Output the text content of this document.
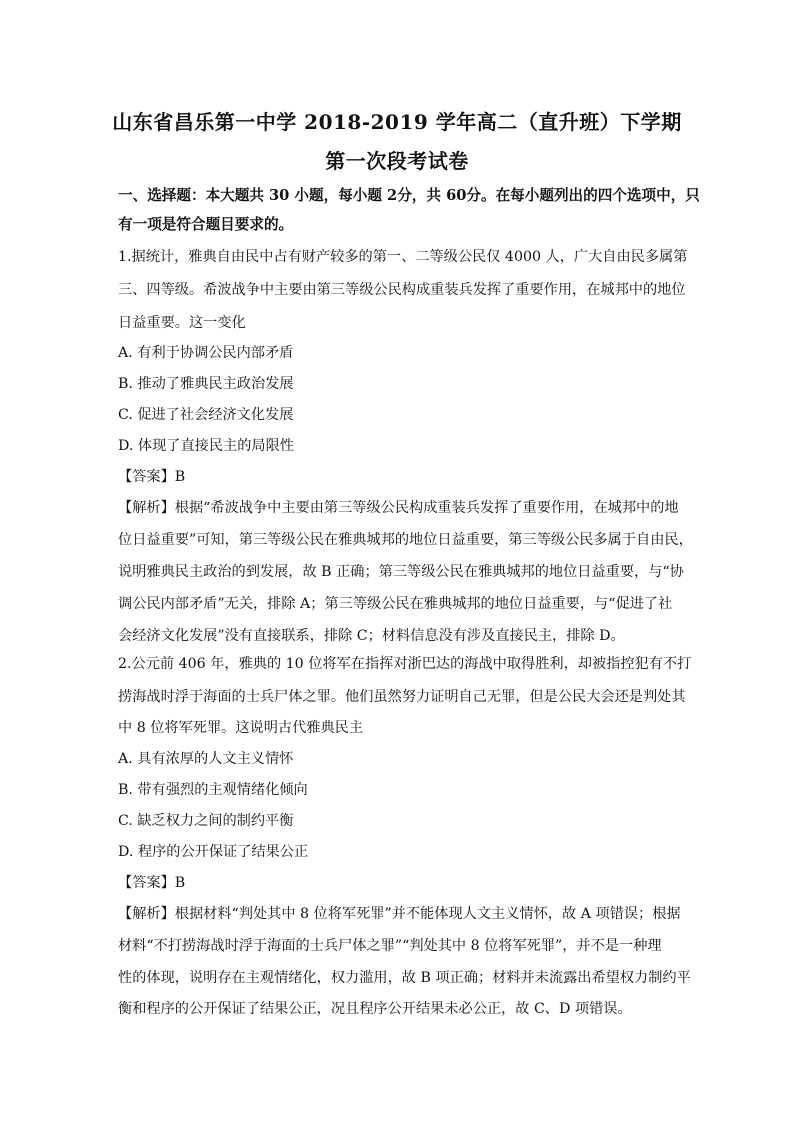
山东省昌乐第一中学 2018-2019 学年高二（直升班）下学期
第一次段考试卷
一、选择题：本大题共 30 小题，每小题 2分，共 60分。在每小题列出的四个选项中，只
有一项是符合题目要求的。
1.据统计，雅典自由民中占有财产较多的第一、二等级公民仅 4000 人，广大自由民多属第
三、四等级。希波战争中主要由第三等级公民构成重装兵发挥了重要作用，在城邦中的地位
日益重要。这一变化
A. 有利于协调公民内部矛盾
B. 推动了雅典民主政治发展
C. 促进了社会经济文化发展
D. 体现了直接民主的局限性
【答案】B
【解析】根据“希波战争中主要由第三等级公民构成重装兵发挥了重要作用，在城邦中的地
位日益重要”可知，第三等级公民在雅典城邦的地位日益重要，第三等级公民多属于自由民，
说明雅典民主政治的到发展，故 B 正确；第三等级公民在雅典城邦的地位日益重要，与“协
调公民内部矛盾”无关，排除 A；第三等级公民在雅典城邦的地位日益重要，与“促进了社
会经济文化发展”没有直接联系，排除 C；材料信息没有涉及直接民主，排除 D。
2.公元前 406 年，雅典的 10 位将军在指挥对浙巴达的海战中取得胜利，却被指控犯有不打
捞海战时浮于海面的士兵尸体之罪。他们虽然努力证明自己无罪，但是公民大会还是判处其
中 8 位将军死罪。这说明古代雅典民主
A. 具有浓厚的人文主义情怀
B. 带有强烈的主观情绪化倾向
C. 缺乏权力之间的制约平衡
D. 程序的公开保证了结果公正
【答案】B
【解析】根据材料“判处其中 8 位将军死罪”并不能体现人文主义情怀，故 A 项错误；根据
材料“不打捞海战时浮于海面的士兵尸体之罪”“判处其中 8 位将军死罪”，并不是一种理
性的体现，说明存在主观情绪化，权力滥用，故 B 项正确；材料并未流露出希望权力制约平
衡和程序的公开保证了结果公正，况且程序公开结果未必公正，故 C、D 项错误。
